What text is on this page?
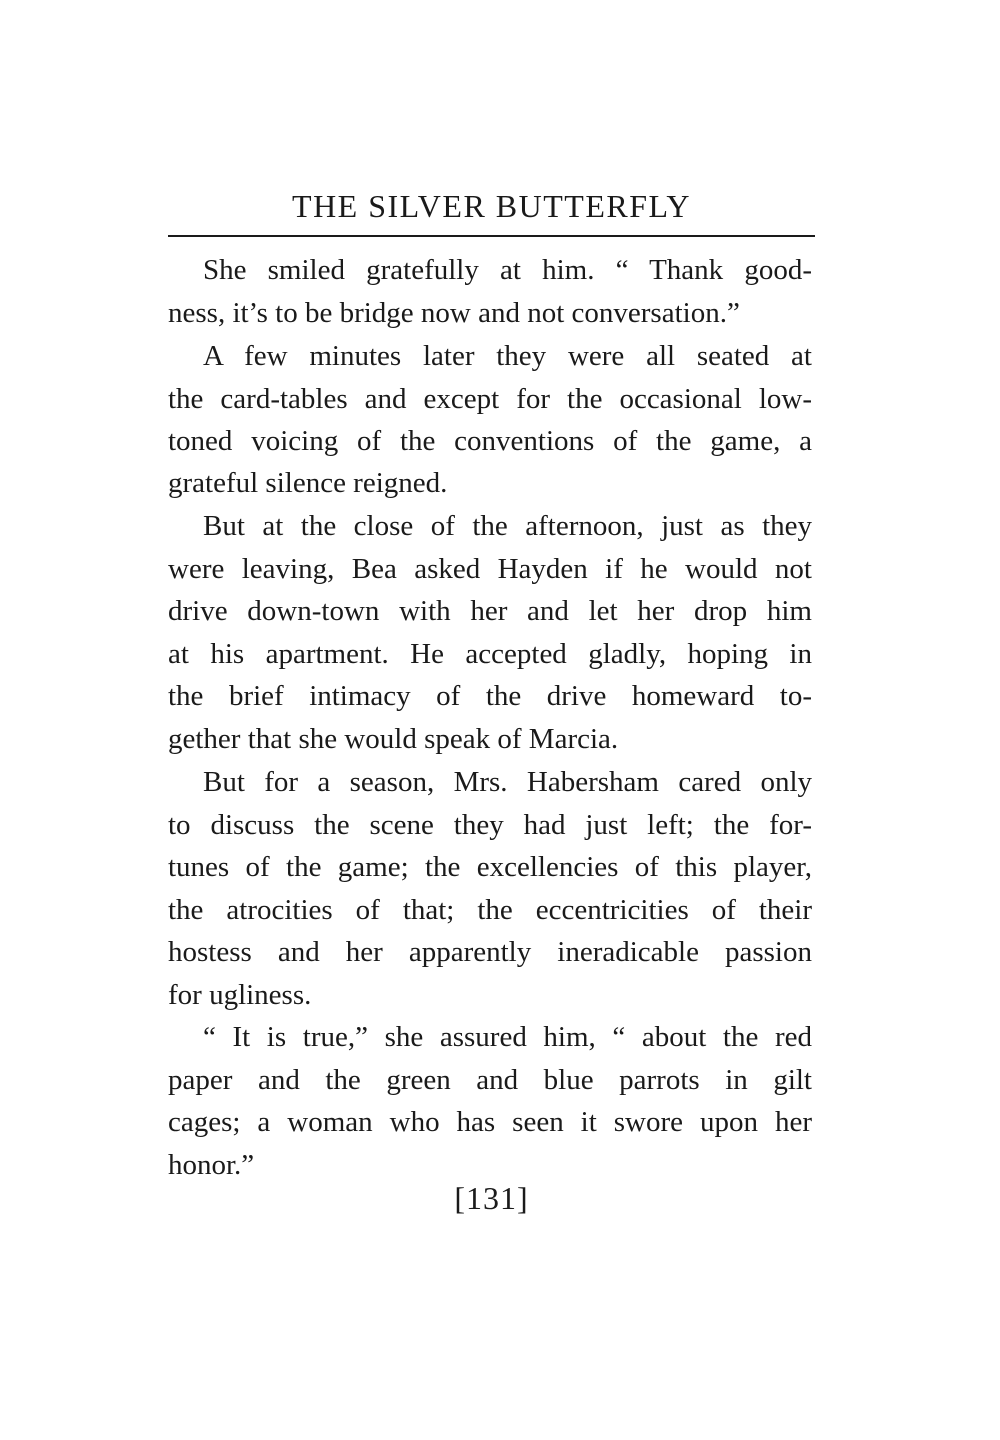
THE SILVER BUTTERFLY
She smiled gratefully at him. “ Thank good-
ness, it’s to be bridge now and not conversation.”
A few minutes later they were all seated at
the card-tables and except for the occasional low-
toned voicing of the conventions of the game, a
grateful silence reigned.
But at the close of the afternoon, just as they
were leaving, Bea asked Hayden if he would not
drive down-town with her and let her drop him
at his apartment. He accepted gladly, hoping in
the brief intimacy of the drive homeward to-
gether that she would speak of Marcia.
But for a season, Mrs. Habersham cared only
to discuss the scene they had just left; the for-
tunes of the game; the excellencies of this player,
the atrocities of that; the eccentricities of their
hostess and her apparently ineradicable passion
for ugliness.
“ It is true,” she assured him, “ about the red
paper and the green and blue parrots in gilt
cages; a woman who has seen it swore upon her
honor.”
[131]
